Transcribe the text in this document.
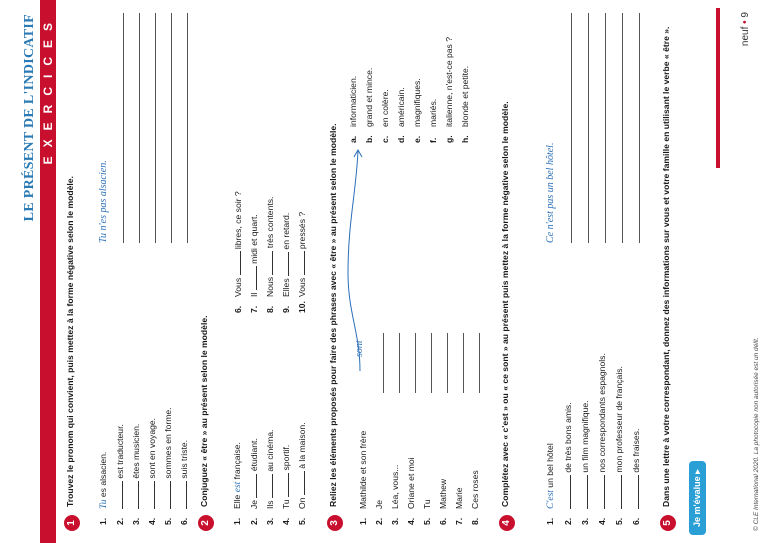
LE PRÉSENT DE L'INDICATIF EXERCICES
1
Trouvez le pronom qui convient, puis mettez à la forme négative selon le modèle. Tu n'es pas alsacien.
1.Tu es alsacien.
2. est traducteur.
3. êtes musicien.
4. sont en voyage.
5. sommes en forme.
6. suis triste.
2
Conjuguez « être » au présent selon le modèle.
1.Elle est française.
2.Je  étudiant.
3.Ils  au cinéma.
4.Tu  sportif.
5.On  à la maison.
6.Vous  libres, ce soir ?
7.Il  midi et quart.
8.Nous  très contents.
9.Elles  en retard.
10.Vous  pressés ?
3
Reliez les éléments proposés pour faire des phrases avec « être » au présent selon le modèle.
1.Mathilde et son frère
2.Je
3.Léa, vous...
4.Oriane et moi
5.Tu
6.Mathew
7.Marie
8.Ces roses
a.informaticien.
b.grand et mince.
c.en colère.
d.américain.
e.magnifiques.
f.mariés.
g.italienne, n'est-ce pas ?
h.blonde et petite.
sont
4
Complétez avec « c'est » ou « ce sont » au présent puis mettez à la forme négative selon le modèle.	Ce n'est pas un bel hôtel.
1.C'est un bel hôtel
2. de très bons amis.
3. un film magnifique.
4. nos correspondants espagnols.
5. mon professeur de français.
6. des fraises.
5
Dans une lettre à votre correspondant, donnez des informations sur vous et votre famille en utilisant le verbe « être ».	Je m'évalue ▸
neuf • 9
© CLE International 2020. La photocopie non autorisée est un délit.
